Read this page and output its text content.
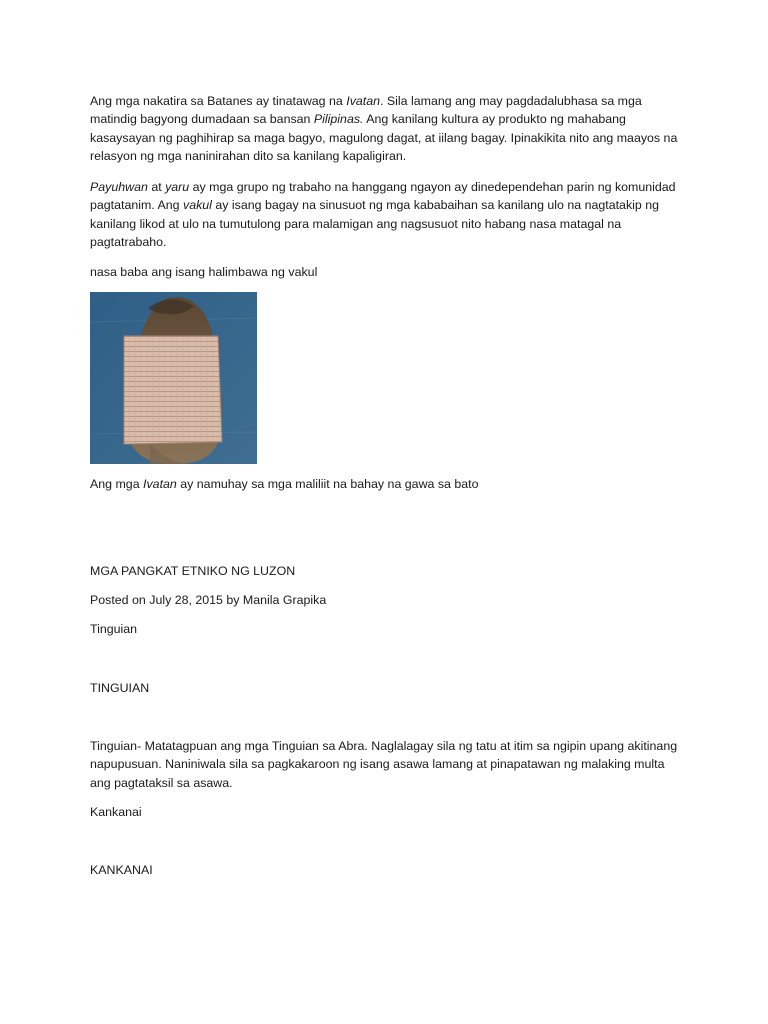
Ang mga nakatira sa Batanes ay tinatawag na Ivatan. Sila lamang ang may pagdadalubhasa sa mga matindig bagyong dumadaan sa bansan Pilipinas. Ang kanilang kultura ay produkto ng mahabang kasaysayan ng paghihirap sa maga bagyo, magulong dagat, at iilang bagay. Ipinakikita nito ang maayos na relasyon ng mga naninirahan dito sa kanilang kapaligiran.

Payuhwan at yaru ay mga grupo ng trabaho na hanggang ngayon ay dinedependehan parin ng komunidad pagtatanim. Ang vakul ay isang bagay na sinusuot ng mga kababaihan sa kanilang ulo na nagtatakip ng kanilang likod at ulo na tumutulong para malamigan ang nagsusuot nito habang nasa matagal na pagtatrabaho.

nasa baba ang isang halimbawa ng vakul

Ang mga Ivatan ay namuhay sa mga maliliit na bahay na gawa sa bato

MGA PANGKAT ETNIKO NG LUZON

Posted on July 28, 2015 by Manila Grapika

Tinguian

TINGUIAN

Tinguian- Matatagpuan ang mga Tinguian sa Abra. Naglalagay sila ng tatu at itim sa ngipin upang akitinang napupusuan. Naniniwala sila sa pagkakaroon ng isang asawa lamang at pinapatawan ng malaking multa ang pagtataksil sa asawa.

Kankanai

KANKANAI
